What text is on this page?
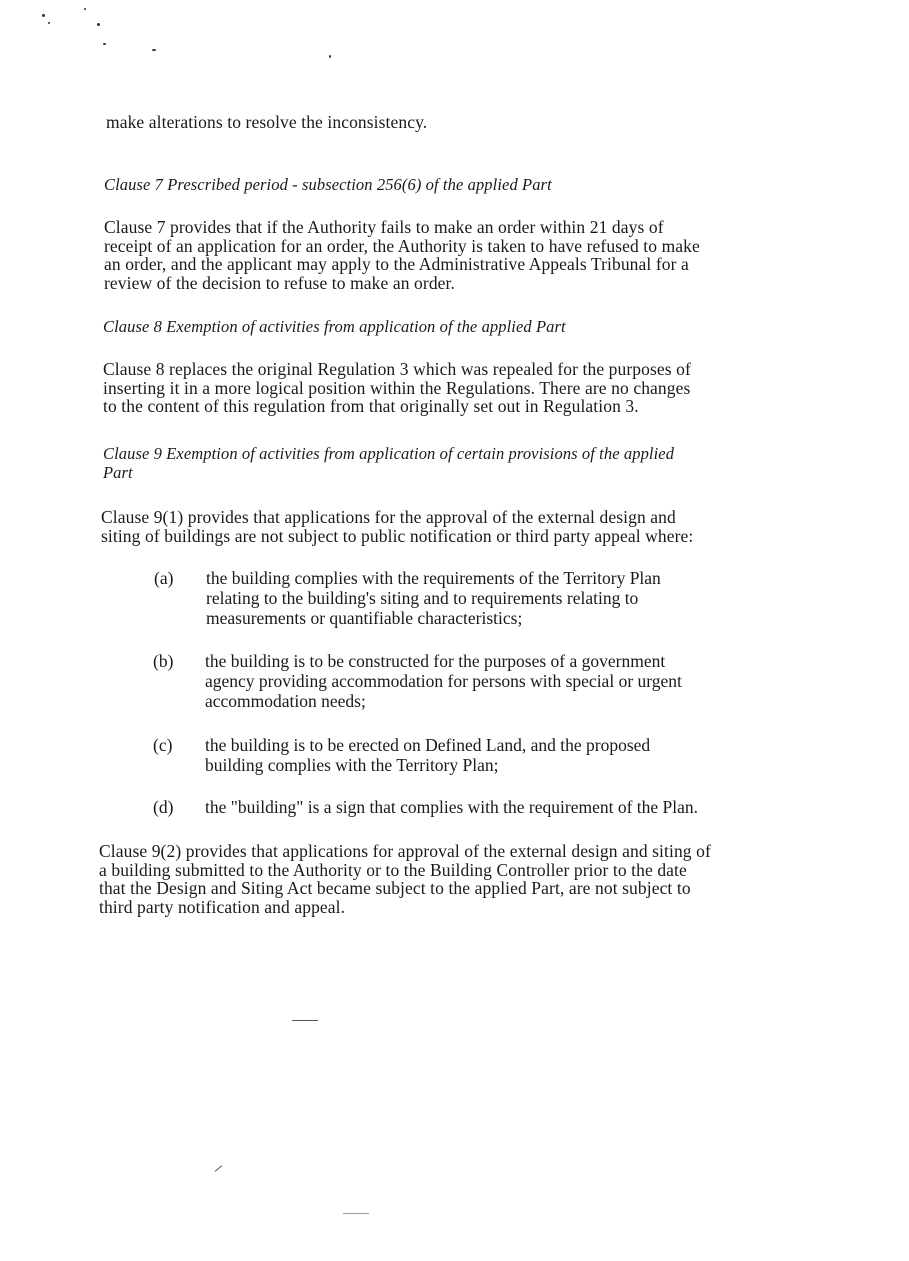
make alterations to resolve the inconsistency.
Clause 7 Prescribed period - subsection 256(6) of the applied Part
Clause 7 provides that if the Authority fails to make an order within 21 days of
receipt of an application for an order, the Authority is taken to have refused to make
an order, and the applicant may apply to the Administrative Appeals Tribunal for a
review of the decision to refuse to make an order.
Clause 8 Exemption of activities from application of the applied Part
Clause 8 replaces the original Regulation 3 which was repealed for the purposes of
inserting it in a more logical position within the Regulations. There are no changes
to the content of this regulation from that originally set out in Regulation 3.
Clause 9 Exemption of activities from application of certain provisions of the applied
Part
Clause 9(1) provides that applications for the approval of the external design and
siting of buildings are not subject to public notification or third party appeal where:
(a) the building complies with the requirements of the Territory Plan
relating to the building's siting and to requirements relating to
measurements or quantifiable characteristics;
(b) the building is to be constructed for the purposes of a government
agency providing accommodation for persons with special or urgent
accommodation needs;
(c) the building is to be erected on Defined Land, and the proposed
building complies with the Territory Plan;
(d) the "building" is a sign that complies with the requirement of the Plan.
Clause 9(2) provides that applications for approval of the external design and siting of
a building submitted to the Authority or to the Building Controller prior to the date
that the Design and Siting Act became subject to the applied Part, are not subject to
third party notification and appeal.
